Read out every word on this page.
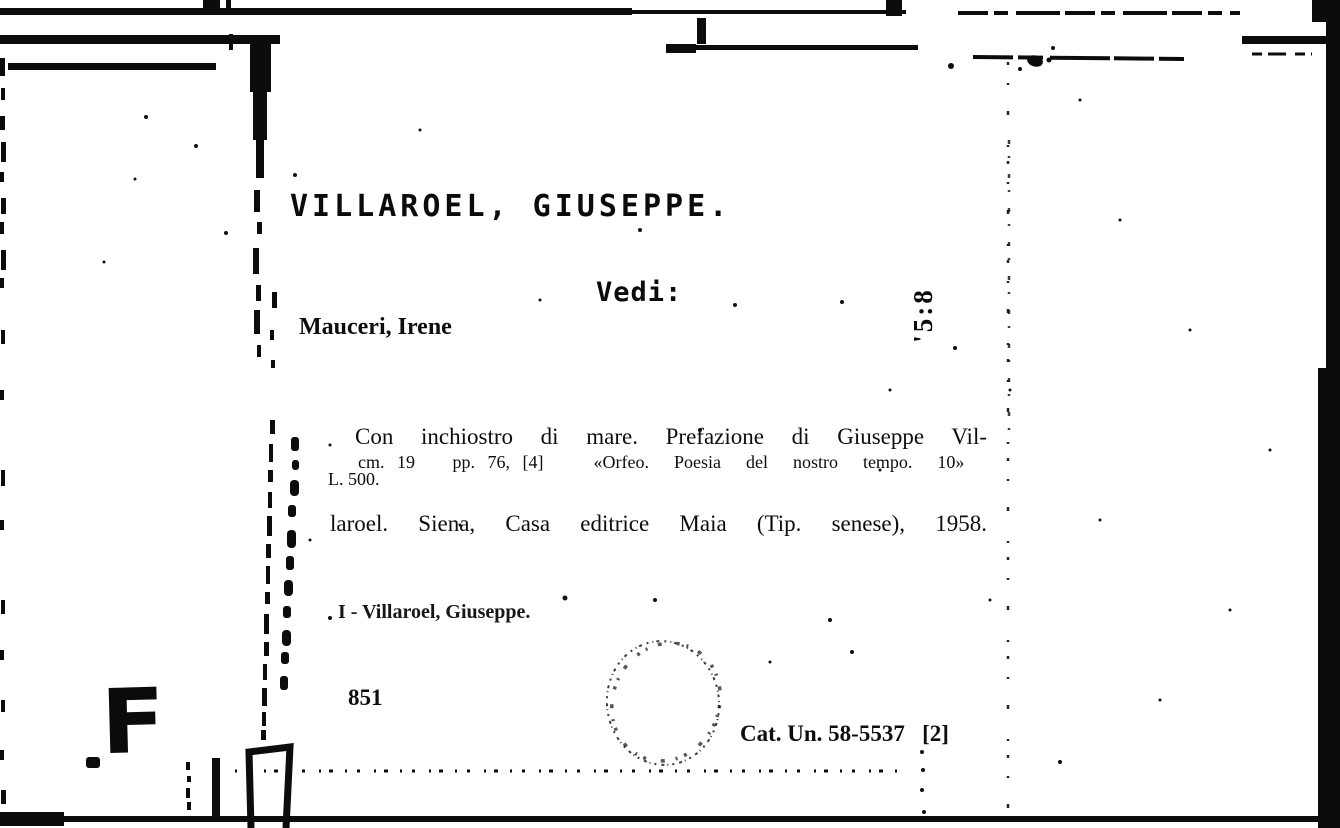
VILLAROEL, GIUSEPPE.
Vedi:
Mauceri, Irene

Con inchiostro di mare. Prefazione di Giuseppe Vil-

laroel. Siena, Casa editrice Maia (Tip. senese), 1958.

cm. 19   pp. 76, [4]    «Orfeo.  Poesia  del  nostro  tempo.  10»
L. 500.
I - Villaroel, Giuseppe.
851
Cat. Un. 58-5537   [2]
'5:8
F
